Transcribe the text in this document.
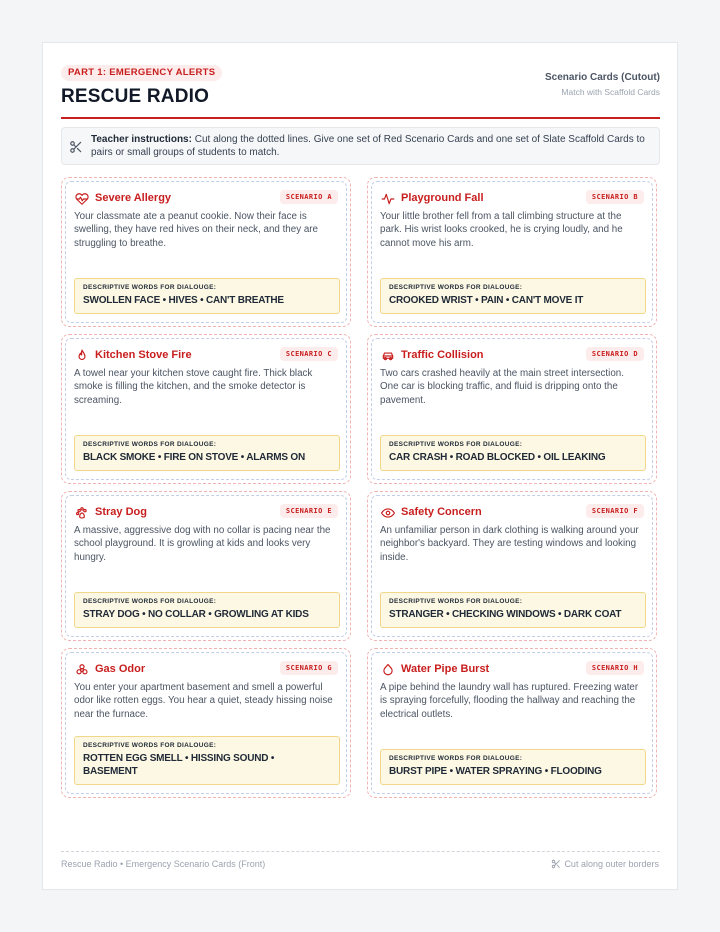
PART 1: EMERGENCY ALERTS
RESCUE RADIO
Scenario Cards (Cutout)
Match with Scaffold Cards
Teacher instructions: Cut along the dotted lines. Give one set of Red Scenario Cards and one set of Slate Scaffold Cards to pairs or small groups of students to match.
Severe Allergy	SCENARIO A
Your classmate ate a peanut cookie. Now their face is swelling, they have red hives on their neck, and they are struggling to breathe.
DESCRIPTIVE WORDS FOR DIALOUGE:
SWOLLEN FACE • HIVES • CAN'T BREATHE
Playground Fall	SCENARIO B
Your little brother fell from a tall climbing structure at the park. His wrist looks crooked, he is crying loudly, and he cannot move his arm.
DESCRIPTIVE WORDS FOR DIALOUGE:
CROOKED WRIST • PAIN • CAN'T MOVE IT
Kitchen Stove Fire	SCENARIO C
A towel near your kitchen stove caught fire. Thick black smoke is filling the kitchen, and the smoke detector is screaming.
DESCRIPTIVE WORDS FOR DIALOUGE:
BLACK SMOKE • FIRE ON STOVE • ALARMS ON
Traffic Collision	SCENARIO D
Two cars crashed heavily at the main street intersection. One car is blocking traffic, and fluid is dripping onto the pavement.
DESCRIPTIVE WORDS FOR DIALOUGE:
CAR CRASH • ROAD BLOCKED • OIL LEAKING
Stray Dog	SCENARIO E
A massive, aggressive dog with no collar is pacing near the school playground. It is growling at kids and looks very hungry.
DESCRIPTIVE WORDS FOR DIALOUGE:
STRAY DOG • NO COLLAR • GROWLING AT KIDS
Safety Concern	SCENARIO F
An unfamiliar person in dark clothing is walking around your neighbor's backyard. They are testing windows and looking inside.
DESCRIPTIVE WORDS FOR DIALOUGE:
STRANGER • CHECKING WINDOWS • DARK COAT
Gas Odor	SCENARIO G
You enter your apartment basement and smell a powerful odor like rotten eggs. You hear a quiet, steady hissing noise near the furnace.
DESCRIPTIVE WORDS FOR DIALOUGE:
ROTTEN EGG SMELL • HISSING SOUND • BASEMENT
Water Pipe Burst	SCENARIO H
A pipe behind the laundry wall has ruptured. Freezing water is spraying forcefully, flooding the hallway and reaching the electrical outlets.
DESCRIPTIVE WORDS FOR DIALOUGE:
BURST PIPE • WATER SPRAYING • FLOODING
Rescue Radio • Emergency Scenario Cards (Front)	Cut along outer borders
